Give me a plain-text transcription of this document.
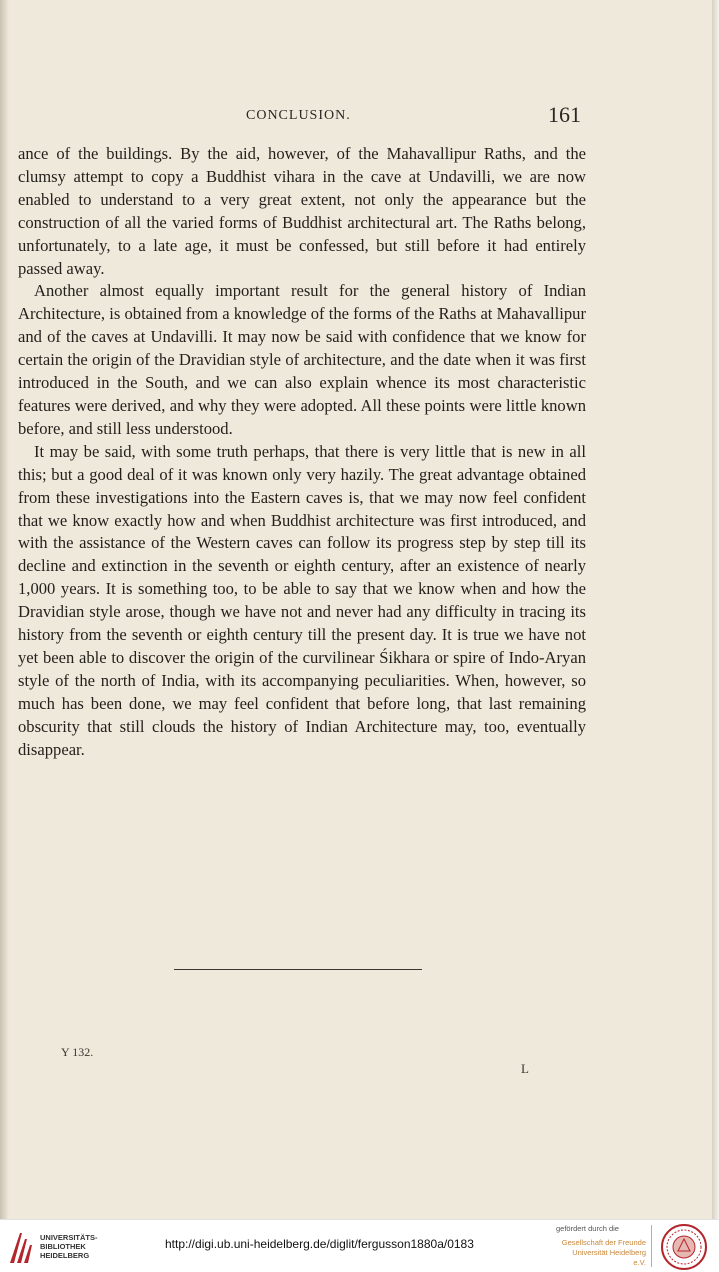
CONCLUSION.	161

ance of the buildings. By the aid, however, of the Mahavallipur Raths, and the clumsy attempt to copy a Buddhist vihara in the cave at Undavilli, we are now enabled to understand to a very great extent, not only the appearance but the construction of all the varied forms of Buddhist architectural art. The Raths belong, unfortunately, to a late age, it must be confessed, but still before it had entirely passed away.

Another almost equally important result for the general history of Indian Architecture, is obtained from a knowledge of the forms of the Raths at Mahavallipur and of the caves at Undavilli. It may now be said with confidence that we know for certain the origin of the Dravidian style of architecture, and the date when it was first introduced in the South, and we can also explain whence its most characteristic features were derived, and why they were adopted. All these points were little known before, and still less understood.

It may be said, with some truth perhaps, that there is very little that is new in all this; but a good deal of it was known only very hazily. The great advantage obtained from these investigations into the Eastern caves is, that we may now feel confident that we know exactly how and when Buddhist architecture was first introduced, and with the assistance of the Western caves can follow its progress step by step till its decline and extinction in the seventh or eighth century, after an existence of nearly 1,000 years. It is something too, to be able to say that we know when and how the Dravidian style arose, though we have not and never had any difficulty in tracing its history from the seventh or eighth century till the present day. It is true we have not yet been able to discover the origin of the curvilinear Śikhara or spire of Indo-Aryan style of the north of India, with its accompanying peculiarities. When, however, so much has been done, we may feel confident that before long, that last remaining obscurity that still clouds the history of Indian Architecture may, too, eventually disappear.

Y 132.
L
UNIVERSITÄTS-
BIBLIOTHEK
HEIDELBERG
http://digi.ub.uni-heidelberg.de/diglit/fergusson1880a/0183
gefördert durch die
Gesellschaft der Freunde
Universität Heidelberg e.V.
